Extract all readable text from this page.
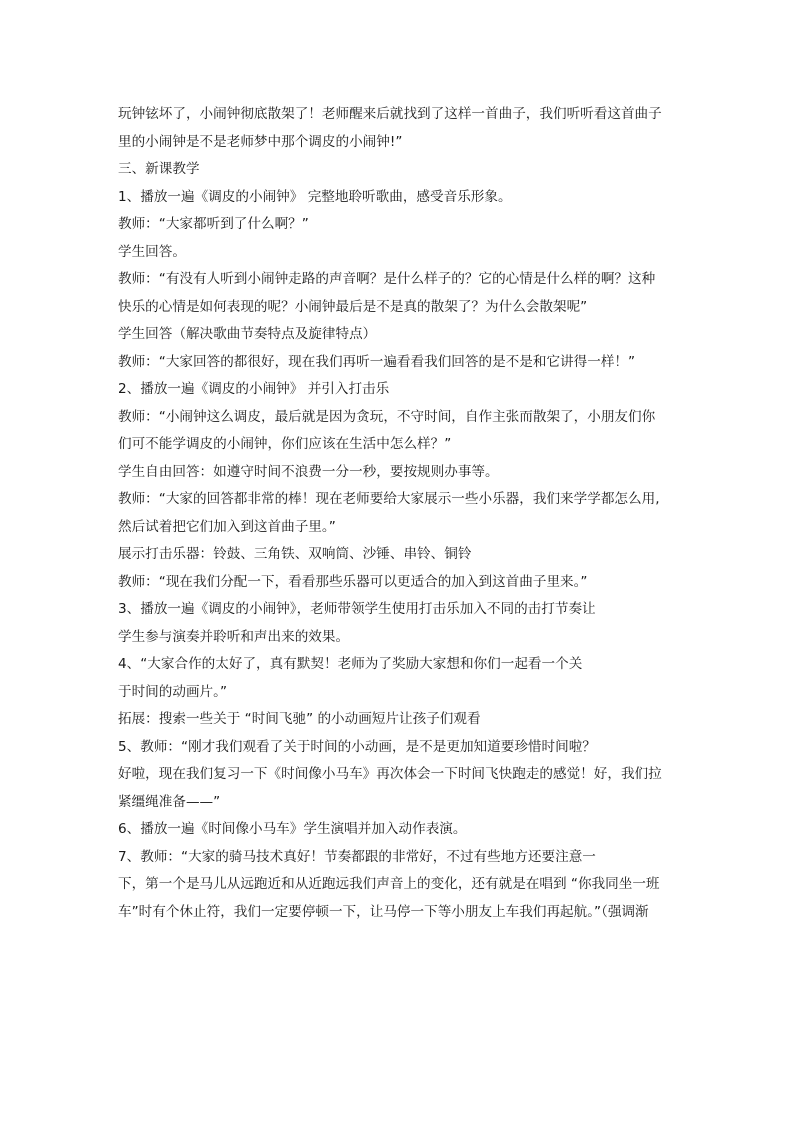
玩钟铉坏了，小闹钟彻底散架了！老师醒来后就找到了这样一首曲子，我们听听看这首曲子
里的小闹钟是不是老师梦中那个调皮的小闹钟!”
三、新课教学
1、播放一遍《调皮的小闹钟》 完整地聆听歌曲，感受音乐形象。
教师：“大家都听到了什么啊？”
学生回答。
教师：“有没有人听到小闹钟走路的声音啊？是什么样子的？它的心情是什么样的啊？这种
快乐的心情是如何表现的呢？小闹钟最后是不是真的散架了？为什么会散架呢”
学生回答（解决歌曲节奏特点及旋律特点）
教师：“大家回答的都很好，现在我们再听一遍看看我们回答的是不是和它讲得一样！”
2、播放一遍《调皮的小闹钟》 并引入打击乐
教师：“小闹钟这么调皮，最后就是因为贪玩，不守时间，自作主张而散架了，小朋友们你
们可不能学调皮的小闹钟，你们应该在生活中怎么样？”
学生自由回答：如遵守时间不浪费一分一秒，要按规则办事等。
教师：“大家的回答都非常的棒！现在老师要给大家展示一些小乐器，我们来学学都怎么用,
然后试着把它们加入到这首曲子里。”
展示打击乐器：铃鼓、三角铁、双响筒、沙锤、串铃、铜铃
教师：“现在我们分配一下，看看那些乐器可以更适合的加入到这首曲子里来。”
3、播放一遍《调皮的小闹钟》，老师带领学生使用打击乐加入不同的击打节奏让
学生参与演奏并聆听和声出来的效果。
4、“大家合作的太好了，真有默契！老师为了奖励大家想和你们一起看一个关
于时间的动画片。”
拓展：搜索一些关于 “时间飞驰” 的小动画短片让孩子们观看
5、教师：“刚才我们观看了关于时间的小动画，是不是更加知道要珍惜时间啦？
好啦，现在我们复习一下《时间像小马车》再次体会一下时间飞快跑走的感觉！好，我们拉
紧缰绳准备——”
6、播放一遍《时间像小马车》学生演唱并加入动作表演。
7、教师：“大家的骑马技术真好！节奏都跟的非常好，不过有些地方还要注意一
下，第一个是马儿从远跑近和从近跑远我们声音上的变化，还有就是在唱到 “你我同坐一班
车”时有个休止符，我们一定要停顿一下，让马停一下等小朋友上车我们再起航。”（强调渐
